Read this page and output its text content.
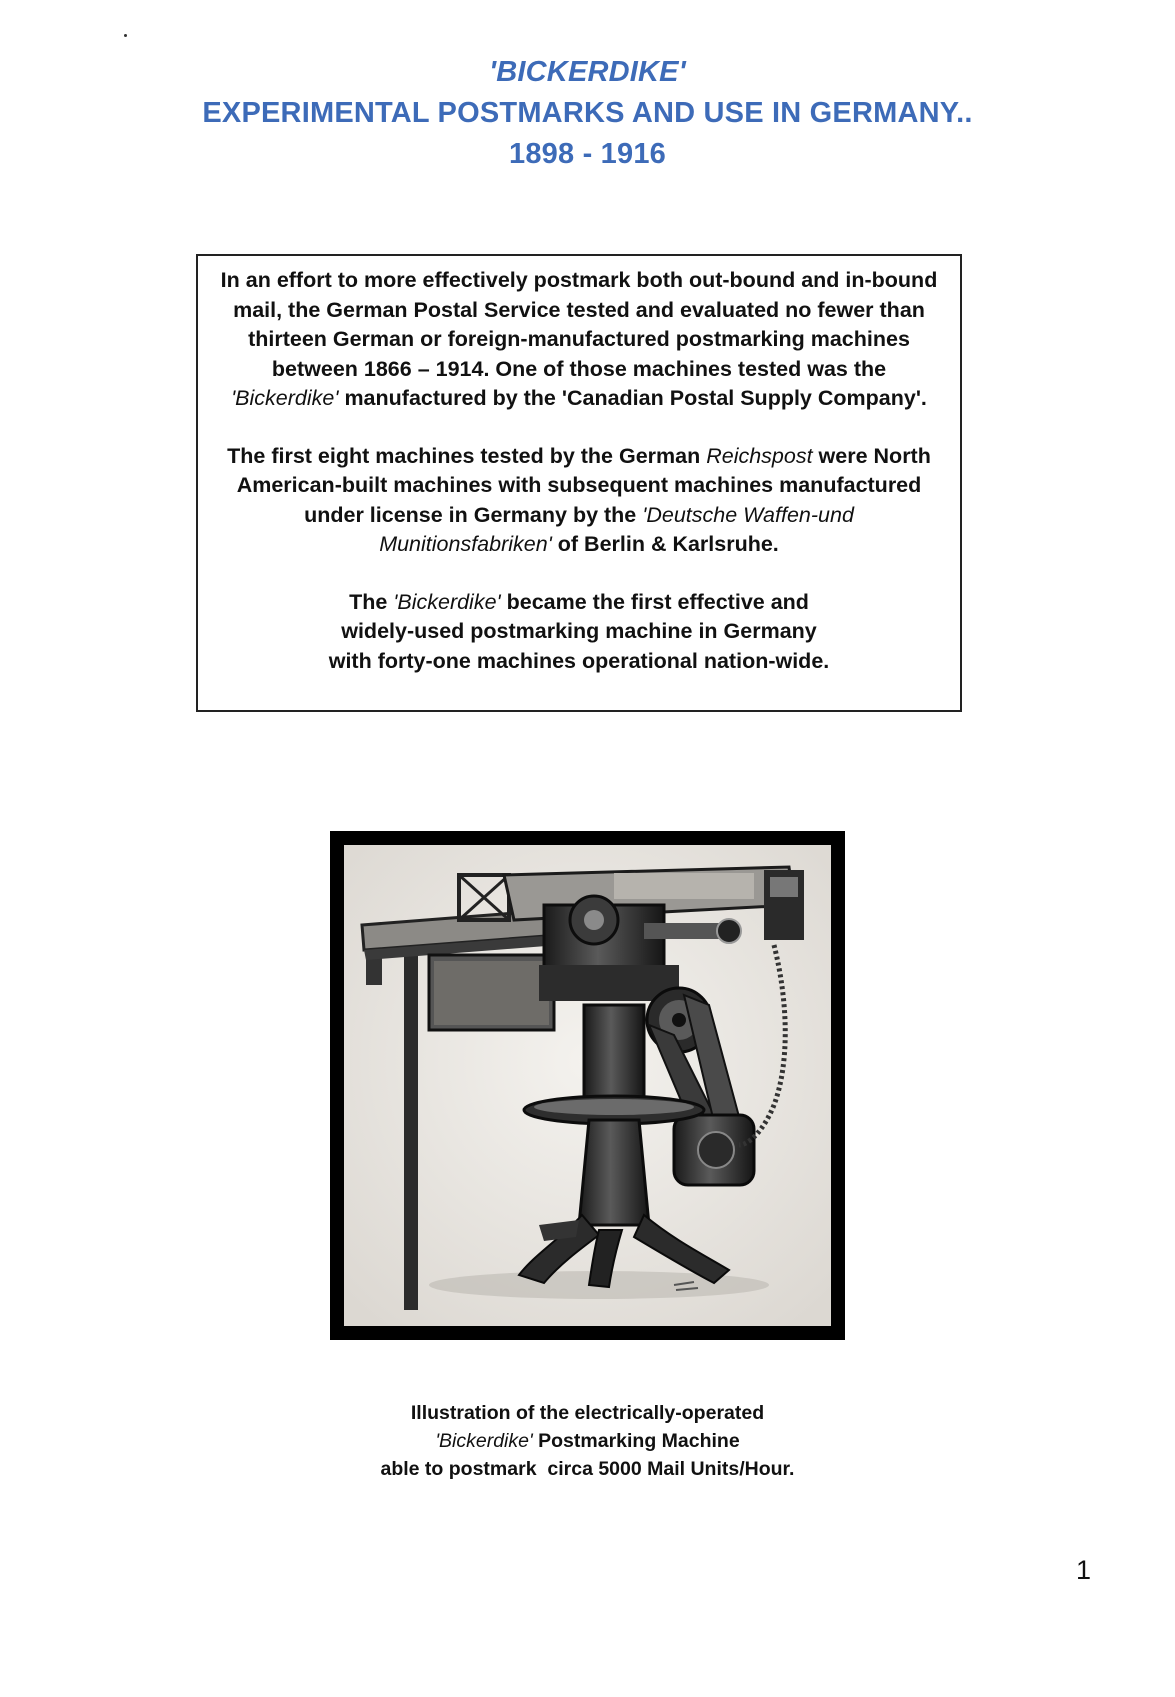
'BICKERDIKE'
EXPERIMENTAL POSTMARKS AND USE IN GERMANY..
1898 - 1916

In an effort to more effectively postmark both out-bound and in-bound mail, the German Postal Service tested and evaluated no fewer than thirteen German or foreign-manufactured postmarking machines between 1866 – 1914. One of those machines tested was the 'Bickerdike' manufactured by the 'Canadian Postal Supply Company'.

The first eight machines tested by the German Reichspost were North American-built machines with subsequent machines manufactured under license in Germany by the 'Deutsche Waffen-und Munitionsfabriken' of Berlin & Karlsruhe.

The 'Bickerdike' became the first effective and
widely-used postmarking machine in Germany
with forty-one machines operational nation-wide.

Illustration of the electrically-operated
'Bickerdike' Postmarking Machine
able to postmark  circa 5000 Mail Units/Hour.
1
